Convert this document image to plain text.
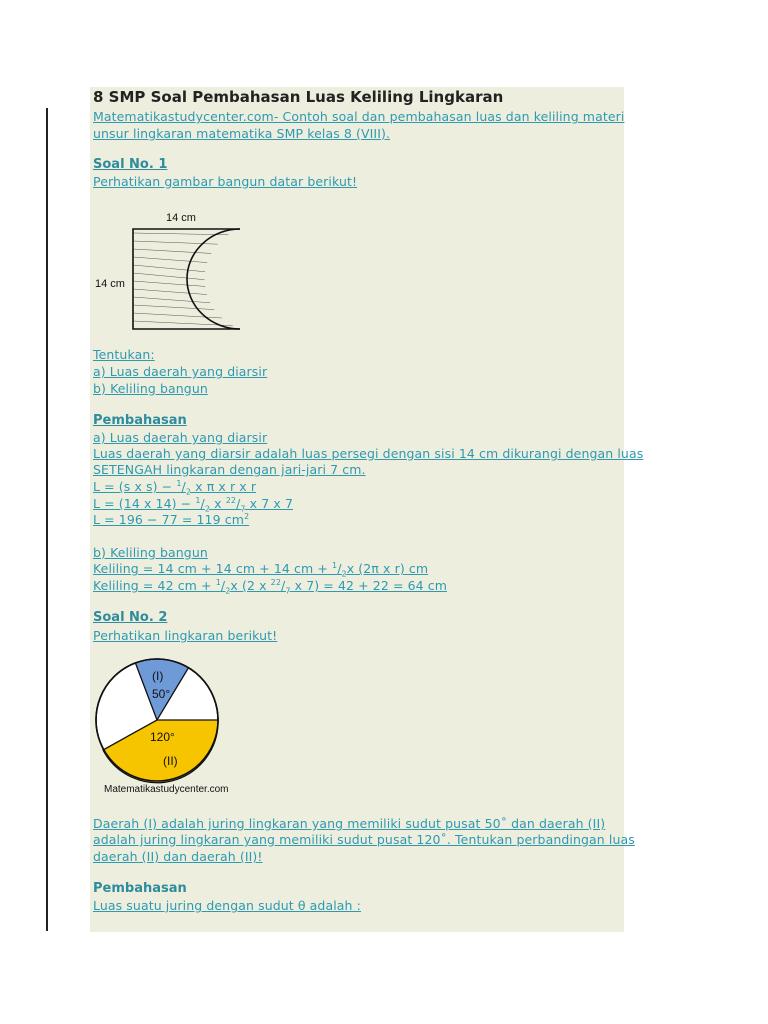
8 SMP Soal Pembahasan Luas Keliling Lingkaran
Matematikastudycenter.com- Contoh soal dan pembahasan luas dan keliling materi
unsur lingkaran matematika SMP kelas 8 (VIII).
Soal No. 1
Perhatikan gambar bangun datar berikut!
14 cm
14 cm
Tentukan:
a) Luas daerah yang diarsir
b) Keliling bangun
Pembahasan
a) Luas daerah yang diarsir
Luas daerah yang diarsir adalah luas persegi dengan sisi 14 cm dikurangi dengan luas
SETENGAH lingkaran dengan jari-jari 7 cm.
L = (s x $s) - ^1/_2$ x π x r x r
L = (14 x $14) - ^1/_2$ x $^{22}/_7$ x 7 x 7
L = 196 − 77 = 119 $cm^2$
b) Keliling bangun
Keliling = 14 cm + 14 cm + 14 cm + $^1/_2x$ (2π x r) cm
Keliling = 42 cm + $^1/_2x$ (2 x $^{22}/_7$ x 7) = 42 + 22 = 64 cm
Soal No. 2
Perhatikan lingkaran berikut!
(I)
50°
120°
(II)
Matematikastudycenter.com
Daerah (I) adalah juring lingkaran yang memiliki sudut pusat 50˚ dan daerah (II)
adalah juring lingkaran yang memiliki sudut pusat 120˚. Tentukan perbandingan luas
daerah (II) dan daerah (II)!
Pembahasan
Luas suatu juring dengan sudut θ adalah :
